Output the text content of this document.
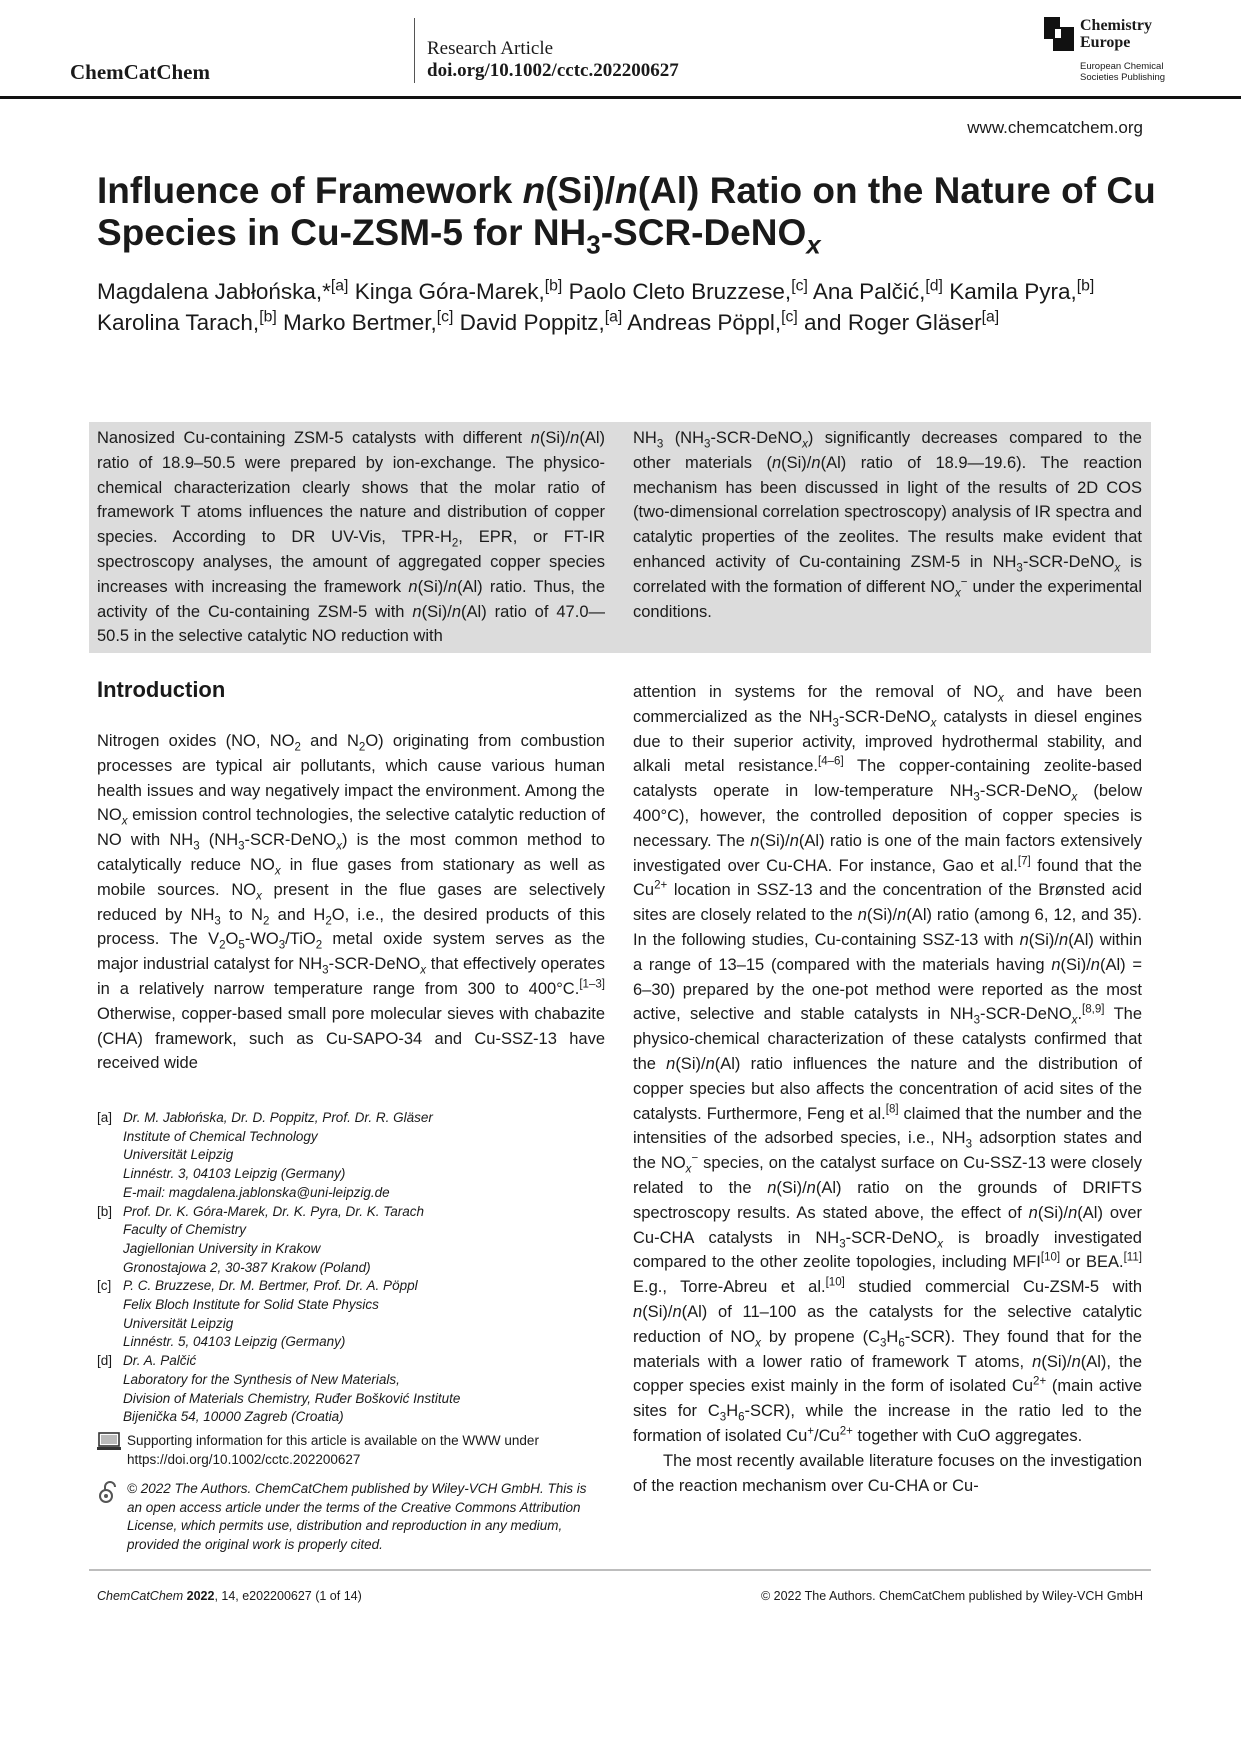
ChemCatChem
Research Article
doi.org/10.1002/cctc.202200627
Chemistry
Europe
European Chemical
Societies Publishing
www.chemcatchem.org
Influence of Framework n(Si)/n(Al) Ratio on the Nature of Cu Species in Cu-ZSM-5 for $NH_3-SCR-DeNO_x$
Magdalena Jabłońska,*[a] Kinga Góra-Marek,[b] Paolo Cleto Bruzzese,[c] Ana Palčić,[d] Kamila Pyra,[b] Karolina Tarach,[b] Marko Bertmer,[c] David Poppitz,[a] Andreas Pöppl,[c] and Roger Gläser[a]
Nanosized Cu-containing ZSM-5 catalysts with different n(Si)/n(Al) ratio of 18.9–50.5 were prepared by ion-exchange. The physico-chemical characterization clearly shows that the molar ratio of framework T atoms influences the nature and distribution of copper species. According to DR UV-Vis, TPR-$H_2$, EPR, or FT-IR spectroscopy analyses, the amount of aggregated copper species increases with increasing the framework n(Si)/n(Al) ratio. Thus, the activity of the Cu-containing ZSM-5 with n(Si)/n(Al) ratio of 47.0—50.5 in the selective catalytic NO reduction with
$NH_3$ $(NH_3-SCR-DeNO_x)$ significantly decreases compared to the other materials (n(Si)/n(Al) ratio of 18.9—19.6). The reaction mechanism has been discussed in light of the results of 2D COS (two-dimensional correlation spectroscopy) analysis of IR spectra and catalytic properties of the zeolites. The results make evident that enhanced activity of Cu-containing ZSM-5 in $NH_3-SCR-DeNO_x$ is correlated with the formation of different $NO_x^-$ under the experimental conditions.
Introduction
Nitrogen oxides (NO, $NO_2$ and $N_2O$) originating from combustion processes are typical air pollutants, which cause various human health issues and way negatively impact the environment. Among the $NO_x$ emission control technologies, the selective catalytic reduction of NO with $NH_3$ $(NH_3-SCR-DeNO_x)$ is the most common method to catalytically reduce $NO_x$ in flue gases from stationary as well as mobile sources. $NO_x$ present in the flue gases are selectively reduced by $NH_3$ to $N_2$ and $H_2O$, i.e., the desired products of this process. The $V_2O_5-WO_3/TiO_2$ metal oxide system serves as the major industrial catalyst for $NH_3-SCR-DeNO_x$ that effectively operates in a relatively narrow temperature range from 300 to 400°C.[1–3] Otherwise, copper-based small pore molecular sieves with chabazite (CHA) framework, such as Cu-SAPO-34 and Cu-SSZ-13 have received wide

attention in systems for the removal of $NO_x$ and have been commercialized as the $NH_3-SCR-DeNO_x$ catalysts in diesel engines due to their superior activity, improved hydrothermal stability, and alkali metal resistance.[4–6] The copper-containing zeolite-based catalysts operate in low-temperature $NH_3-SCR-DeNO_x$ (below 400°C), however, the controlled deposition of copper species is necessary. The n(Si)/n(Al) ratio is one of the main factors extensively investigated over Cu-CHA. For instance, Gao et al.[7] found that the $Cu^{2+}$ location in SSZ-13 and the concentration of the Brønsted acid sites are closely related to the n(Si)/n(Al) ratio (among 6, 12, and 35). In the following studies, Cu-containing SSZ-13 with n(Si)/n(Al) within a range of 13–15 (compared with the materials having n(Si)/n(Al) = 6–30) prepared by the one-pot method were reported as the most active, selective and stable catalysts in $NH_3-SCR-DeNO_x.[8,9]$ The physico-chemical characterization of these catalysts confirmed that the n(Si)/n(Al) ratio influences the nature and the distribution of copper species but also affects the concentration of acid sites of the catalysts. Furthermore, Feng et al.[8] claimed that the number and the intensities of the adsorbed species, i.e., $NH_3$ adsorption states and the $NO_x^-$ species, on the catalyst surface on Cu-SSZ-13 were closely related to the n(Si)/n(Al) ratio on the grounds of DRIFTS spectroscopy results. As stated above, the effect of n(Si)/n(Al) over Cu-CHA catalysts in $NH_3-SCR-DeNO_x$ is broadly investigated compared to the other zeolite topologies, including MFI[10] or BEA.[11] E.g., Torre-Abreu et al.[10] studied commercial Cu-ZSM-5 with n(Si)/n(Al) of 11–100 as the catalysts for the selective catalytic reduction of $NO_x$ by propene $(C_3H_6-SCR)$. They found that for the materials with a lower ratio of framework T atoms, n(Si)/n(Al), the copper species exist mainly in the form of isolated $Cu^{2+}$ (main active sites for $C_3H_6-SCR$), while the increase in the ratio led to the formation of isolated $Cu^+/Cu^{2+}$ together with CuO aggregates.

The most recently available literature focuses on the investigation of the reaction mechanism over Cu-CHA or Cu-

[a] Dr. M. Jabłońska, Dr. D. Poppitz, Prof. Dr. R. Gläser
Institute of Chemical Technology
Universität Leipzig
Linnéstr. 3, 04103 Leipzig (Germany)
E-mail: magdalena.jablonska@uni-leipzig.de
[b] Prof. Dr. K. Góra-Marek, Dr. K. Pyra, Dr. K. Tarach
Faculty of Chemistry
Jagiellonian University in Krakow
Gronostajowa 2, 30-387 Krakow (Poland)
[c] P. C. Bruzzese, Dr. M. Bertmer, Prof. Dr. A. Pöppl
Felix Bloch Institute for Solid State Physics
Universität Leipzig
Linnéstr. 5, 04103 Leipzig (Germany)
[d] Dr. A. Palčić
Laboratory for the Synthesis of New Materials,
Division of Materials Chemistry, Ruđer Bošković Institute
Bijenička 54, 10000 Zagreb (Croatia)
Supporting information for this article is available on the WWW under https://doi.org/10.1002/cctc.202200627
© 2022 The Authors. ChemCatChem published by Wiley-VCH GmbH. This is an open access article under the terms of the Creative Commons Attribution License, which permits use, distribution and reproduction in any medium, provided the original work is properly cited.
ChemCatChem 2022, 14, e202200627 (1 of 14)	© 2022 The Authors. ChemCatChem published by Wiley-VCH GmbH
